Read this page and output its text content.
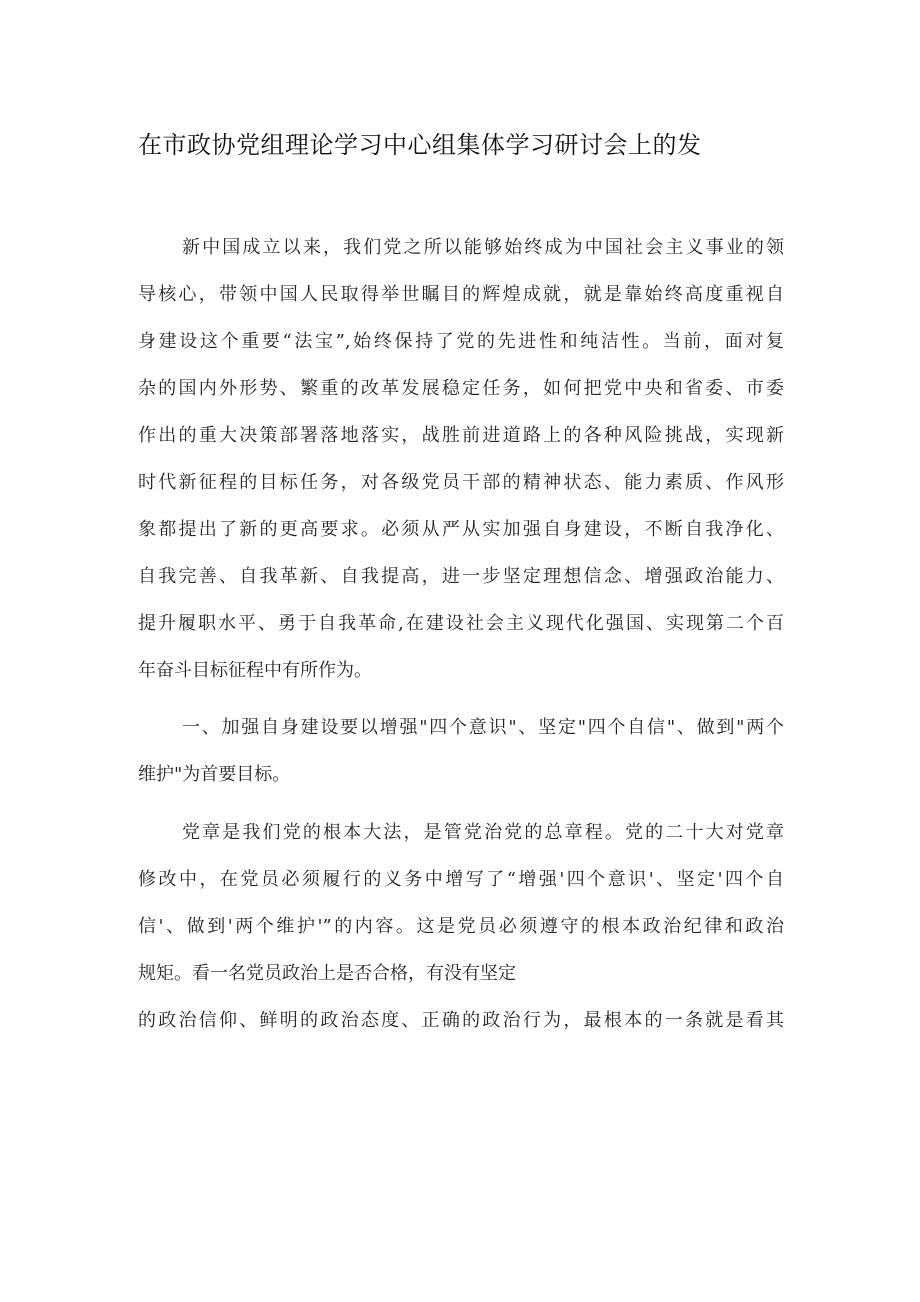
在市政协党组理论学习中心组集体学习研讨会上的发
新中国成立以来，我们党之所以能够始终成为中国社会主义事业的领
导核心，带领中国人民取得举世瞩目的辉煌成就，就是靠始终高度重视自
身建设这个重要“法宝”,始终保持了党的先进性和纯洁性。当前，面对复
杂的国内外形势、繁重的改革发展稳定任务，如何把党中央和省委、市委
作出的重大决策部署落地落实，战胜前进道路上的各种风险挑战，实现新
时代新征程的目标任务，对各级党员干部的精神状态、能力素质、作风形
象都提出了新的更高要求。必须从严从实加强自身建设，不断自我净化、
自我完善、自我革新、自我提高，进一步坚定理想信念、增强政治能力、
提升履职水平、勇于自我革命,在建设社会主义现代化强国、实现第二个百
年奋斗目标征程中有所作为。
一、加强自身建设要以增强"四个意识"、坚定"四个自信"、做到"两个
维护"为首要目标。
党章是我们党的根本大法，是管党治党的总章程。党的二十大对党章
修改中，在党员必须履行的义务中增写了“增强'四个意识'、坚定'四个自
信'、做到'两个维护'”的内容。这是党员必须遵守的根本政治纪律和政治
规矩。看一名党员政治上是否合格，有没有坚定
的政治信仰、鲜明的政治态度、正确的政治行为，最根本的一条就是看其
